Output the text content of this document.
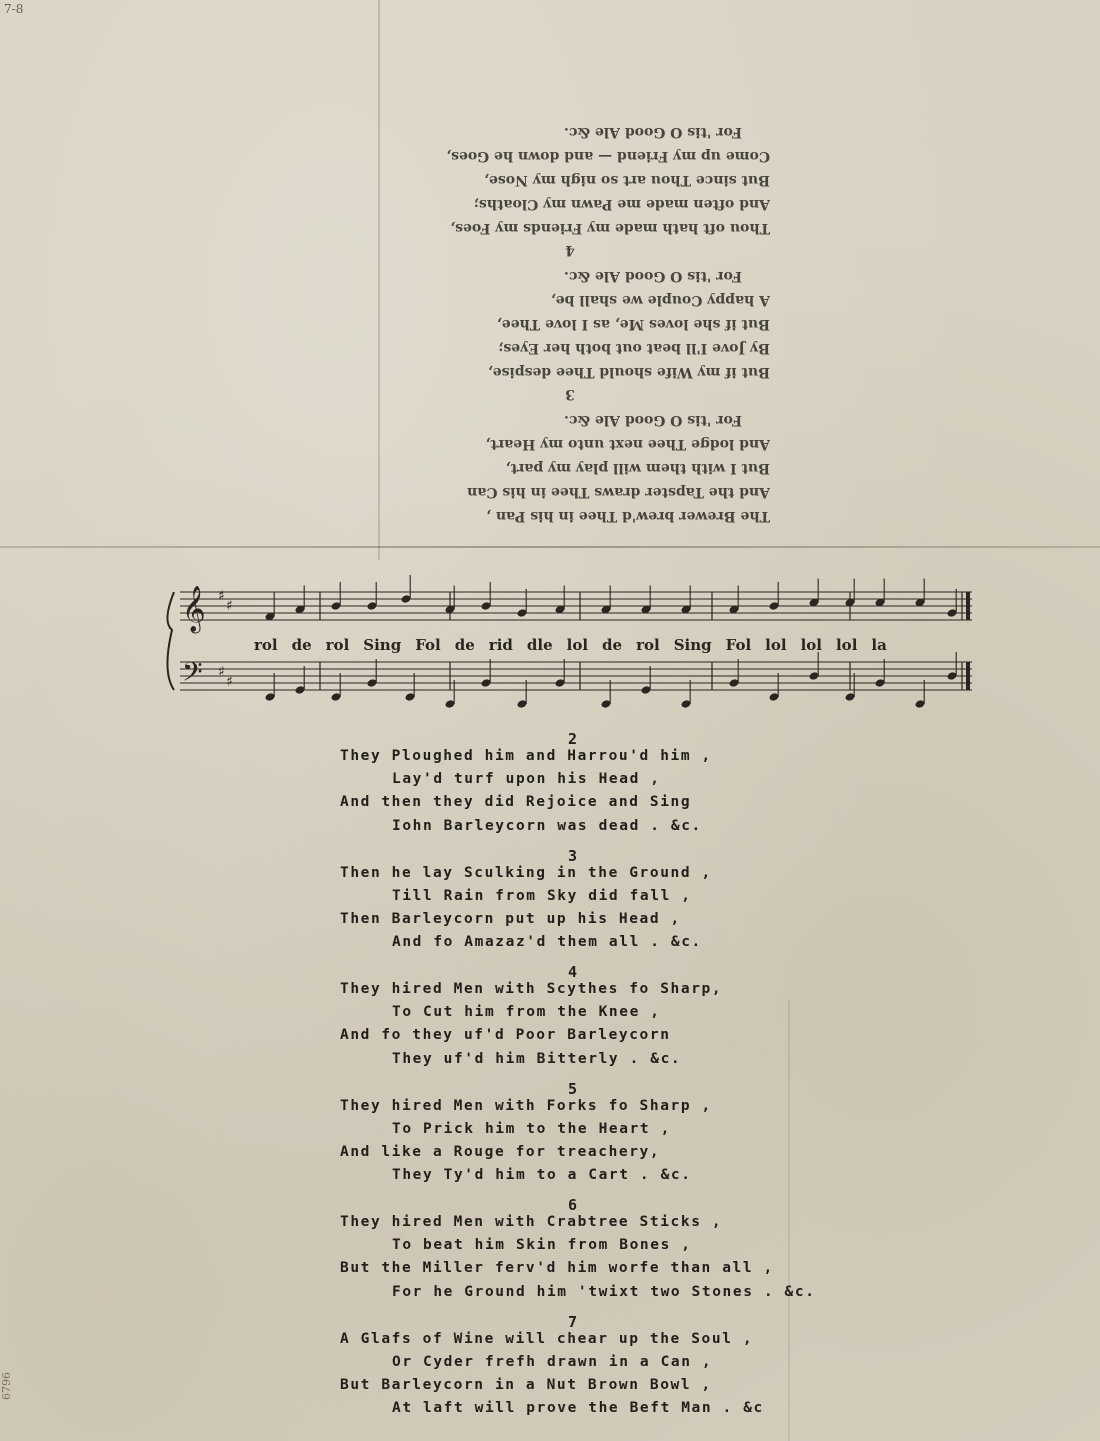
7-8
6796
The Brewer brew'd Thee in his Pan ,
And the Tapster draws Thee in his Can
But I with them will play my part,
And lodge Thee next unto my Heart,
For 'tis O Good Ale &c.
3
But if my Wife should Thee despise,
By Jove I'll beat out both her Eyes;
But if she loves Me, as I love Thee,
A happy Couple we shall be,
For 'tis O Good Ale &c.
4
Thou oft hath made my Friends my Foes,
And often made me Pawn my Cloaths;
But since Thou art so nigh my Nose,
Come up my Friend — and down he Goes,
For 'tis O Good Ale &c.
𝄞
𝄢
♯
♯
♯
♯
rol de rol Sing Fol de rid dle lol de rol Sing Fol lol lol lol la
2
They Ploughed him and Harrou'd him ,
Lay'd turf upon his Head ,
And then they did Rejoice and Sing
Iohn Barleycorn was dead . &c.
3
Then he lay Sculking in the Ground ,
Till Rain from Sky did fall ,
Then Barleycorn put up his Head ,
And fo Amazaz'd them all . &c.
4
They hired Men with Scythes fo Sharp,
To Cut him from the Knee ,
And fo they uf'd Poor Barleycorn
They uf'd him Bitterly . &c.
5
They hired Men with Forks fo Sharp ,
To Prick him to the Heart ,
And like a Rouge for treachery,
They Ty'd him to a Cart . &c.
6
They hired Men with Crabtree Sticks ,
To beat him Skin from Bones ,
But the Miller ferv'd him worfe than all ,
For he Ground him 'twixt two Stones . &c.
7
A Glafs of Wine will chear up the Soul ,
Or Cyder frefh drawn in a Can ,
But Barleycorn in a Nut Brown Bowl ,
At laft will prove the Beft Man . &c
